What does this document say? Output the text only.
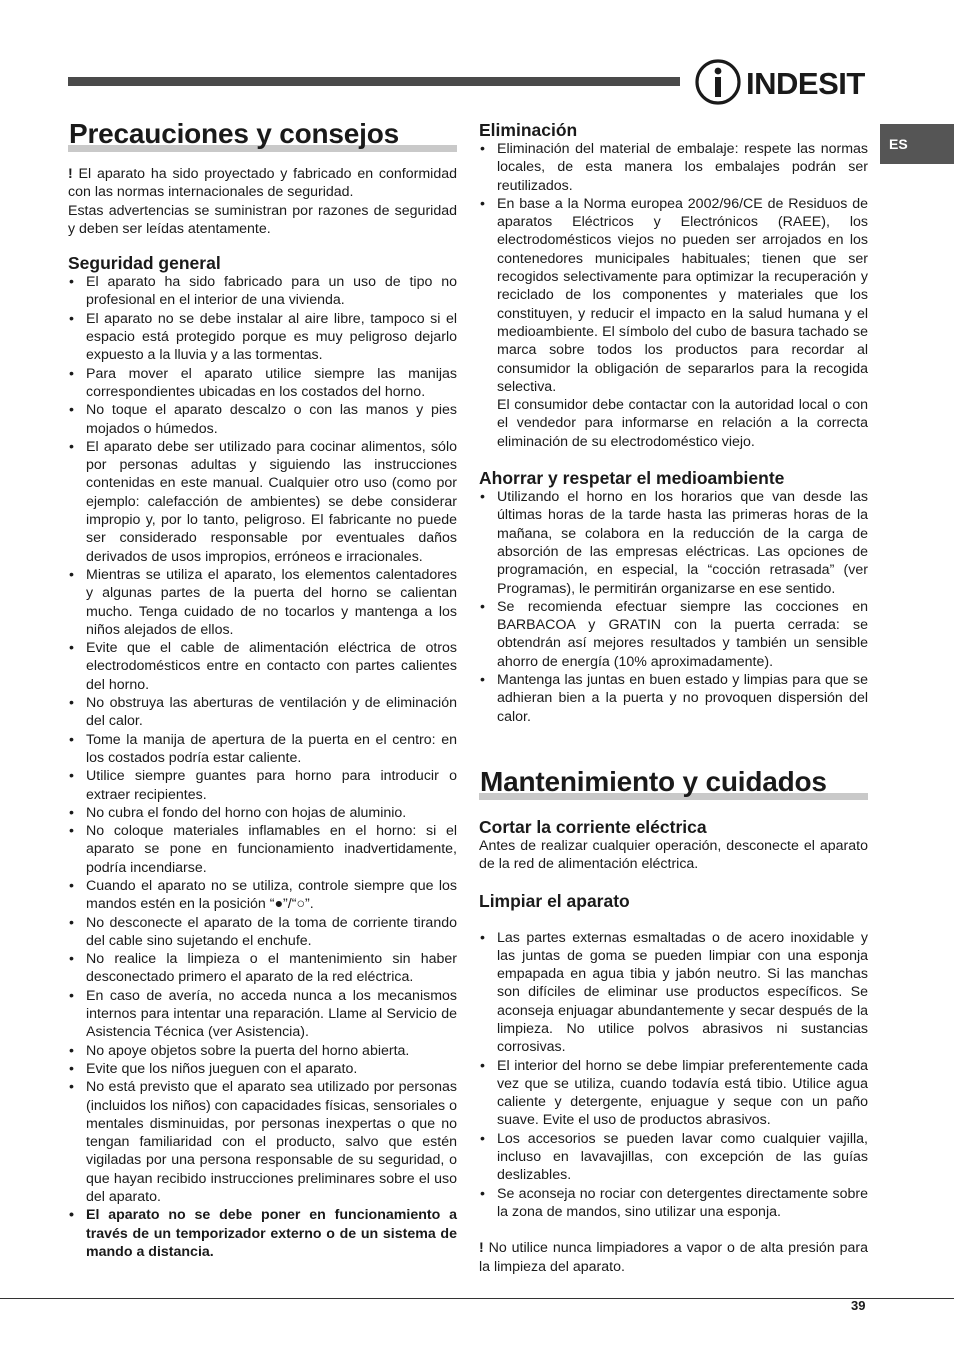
INDESIT
ES
Precauciones y consejos

! El aparato ha sido proyectado y fabricado en conformidad con las normas internacionales de seguridad.

Estas advertencias se suministran por razones de seguridad y deben ser leídas atentamente.

Seguridad general
• El aparato ha sido fabricado para un uso de tipo no profesional en el interior de una vivienda.
• El aparato no se debe instalar al aire libre, tampoco si el espacio está protegido porque es muy peligroso dejarlo expuesto a la lluvia y a las tormentas.
• Para mover el aparato utilice siempre las manijas correspondientes ubicadas en los costados del horno.
• No toque el aparato descalzo o con las manos y pies mojados o húmedos.
• El aparato debe ser utilizado para cocinar alimentos, sólo por personas adultas y siguiendo las instrucciones contenidas en este manual. Cualquier otro uso (como por ejemplo: calefacción de ambientes) se debe considerar impropio y, por lo tanto, peligroso. El fabricante no puede ser considerado responsable por eventuales daños derivados de usos impropios, erróneos e irracionales.
• Mientras se utiliza el aparato, los elementos calentadores y algunas partes de la puerta del horno se calientan mucho. Tenga cuidado de no tocarlos y mantenga a los niños alejados de ellos.
• Evite que el cable de alimentación eléctrica de otros electrodomésticos entre en contacto con partes calientes del horno.
• No obstruya las aberturas de ventilación y de eliminación del calor.
• Tome la manija de apertura de la puerta en el centro: en los costados podría estar caliente.
• Utilice siempre guantes para horno para introducir o extraer recipientes.
• No cubra el fondo del horno con hojas de aluminio.
• No coloque materiales inflamables en el horno: si el aparato se pone en funcionamiento inadvertidamente, podría incendiarse.
• Cuando el aparato no se utiliza, controle siempre que los mandos estén en la posición “●”/“○”.
• No desconecte el aparato de la toma de corriente tirando del cable sino sujetando el enchufe.
• No realice la limpieza o el mantenimiento sin haber desconectado primero el aparato de la red eléctrica.
• En caso de avería, no acceda nunca a los mecanismos internos para intentar una reparación. Llame al Servicio de Asistencia Técnica (ver Asistencia).
• No apoye objetos sobre la puerta del horno abierta.
• Evite que los niños jueguen con el aparato.
• No está previsto que el aparato sea utilizado por personas (incluidos los niños) con capacidades físicas, sensoriales o mentales disminuidas, por personas inexpertas o que no tengan familiaridad con el producto, salvo que estén vigiladas por una persona responsable de su seguridad, o que hayan recibido instrucciones preliminares sobre el uso del aparato.
• El aparato no se debe poner en funcionamiento a través de un temporizador externo o de un sistema de mando a distancia.
Eliminación
• Eliminación del material de embalaje: respete las normas locales, de esta manera los embalajes podrán ser reutilizados.
• En base a la Norma europea 2002/96/CE de Residuos de aparatos Eléctricos y Electrónicos (RAEE), los electrodomésticos viejos no pueden ser arrojados en los contenedores municipales habituales; tienen que ser recogidos selectivamente para optimizar la recuperación y reciclado de los componentes y materiales que los constituyen, y reducir el impacto en la salud humana y el medioambiente. El símbolo del cubo de basura tachado se marca sobre todos los productos para recordar al consumidor la obligación de separarlos para la recogida selectiva.
El consumidor debe contactar con la autoridad local o con el vendedor para informarse en relación a la correcta eliminación de su electrodoméstico viejo.
Ahorrar y respetar el medioambiente
• Utilizando el horno en los horarios que van desde las últimas horas de la tarde hasta las primeras horas de la mañana, se colabora en la reducción de la carga de absorción de las empresas eléctricas. Las opciones de programación, en especial, la “cocción retrasada” (ver Programas), le permitirán organizarse en ese sentido.
• Se recomienda efectuar siempre las cocciones en BARBACOA y GRATIN con la puerta cerrada: se obtendrán así mejores resultados y también un sensible ahorro de energía (10% aproximadamente).
• Mantenga las juntas en buen estado y limpias para que se adhieran bien a la puerta y no provoquen dispersión del calor.
Mantenimiento y cuidados
Cortar la corriente eléctrica

Antes de realizar cualquier operación, desconecte el aparato de la red de alimentación eléctrica.

Limpiar el aparato
• Las partes externas esmaltadas o de acero inoxidable y las juntas de goma se pueden limpiar con una esponja empapada en agua tibia y jabón neutro. Si las manchas son difíciles de eliminar use productos específicos. Se aconseja enjuagar abundantemente y secar después de la limpieza. No utilice polvos abrasivos ni sustancias corrosivas.
• El interior del horno se debe limpiar preferentemente cada vez que se utiliza, cuando todavía está tibio. Utilice agua caliente y detergente, enjuague y seque con un paño suave. Evite el uso de productos abrasivos.
• Los accesorios se pueden lavar como cualquier vajilla, incluso en lavavajillas, con excepción de las guías deslizables.
• Se aconseja no rociar con detergentes directamente sobre la zona de mandos, sino utilizar una esponja.

! No utilice nunca limpiadores a vapor o de alta presión para la limpieza del aparato.

39
